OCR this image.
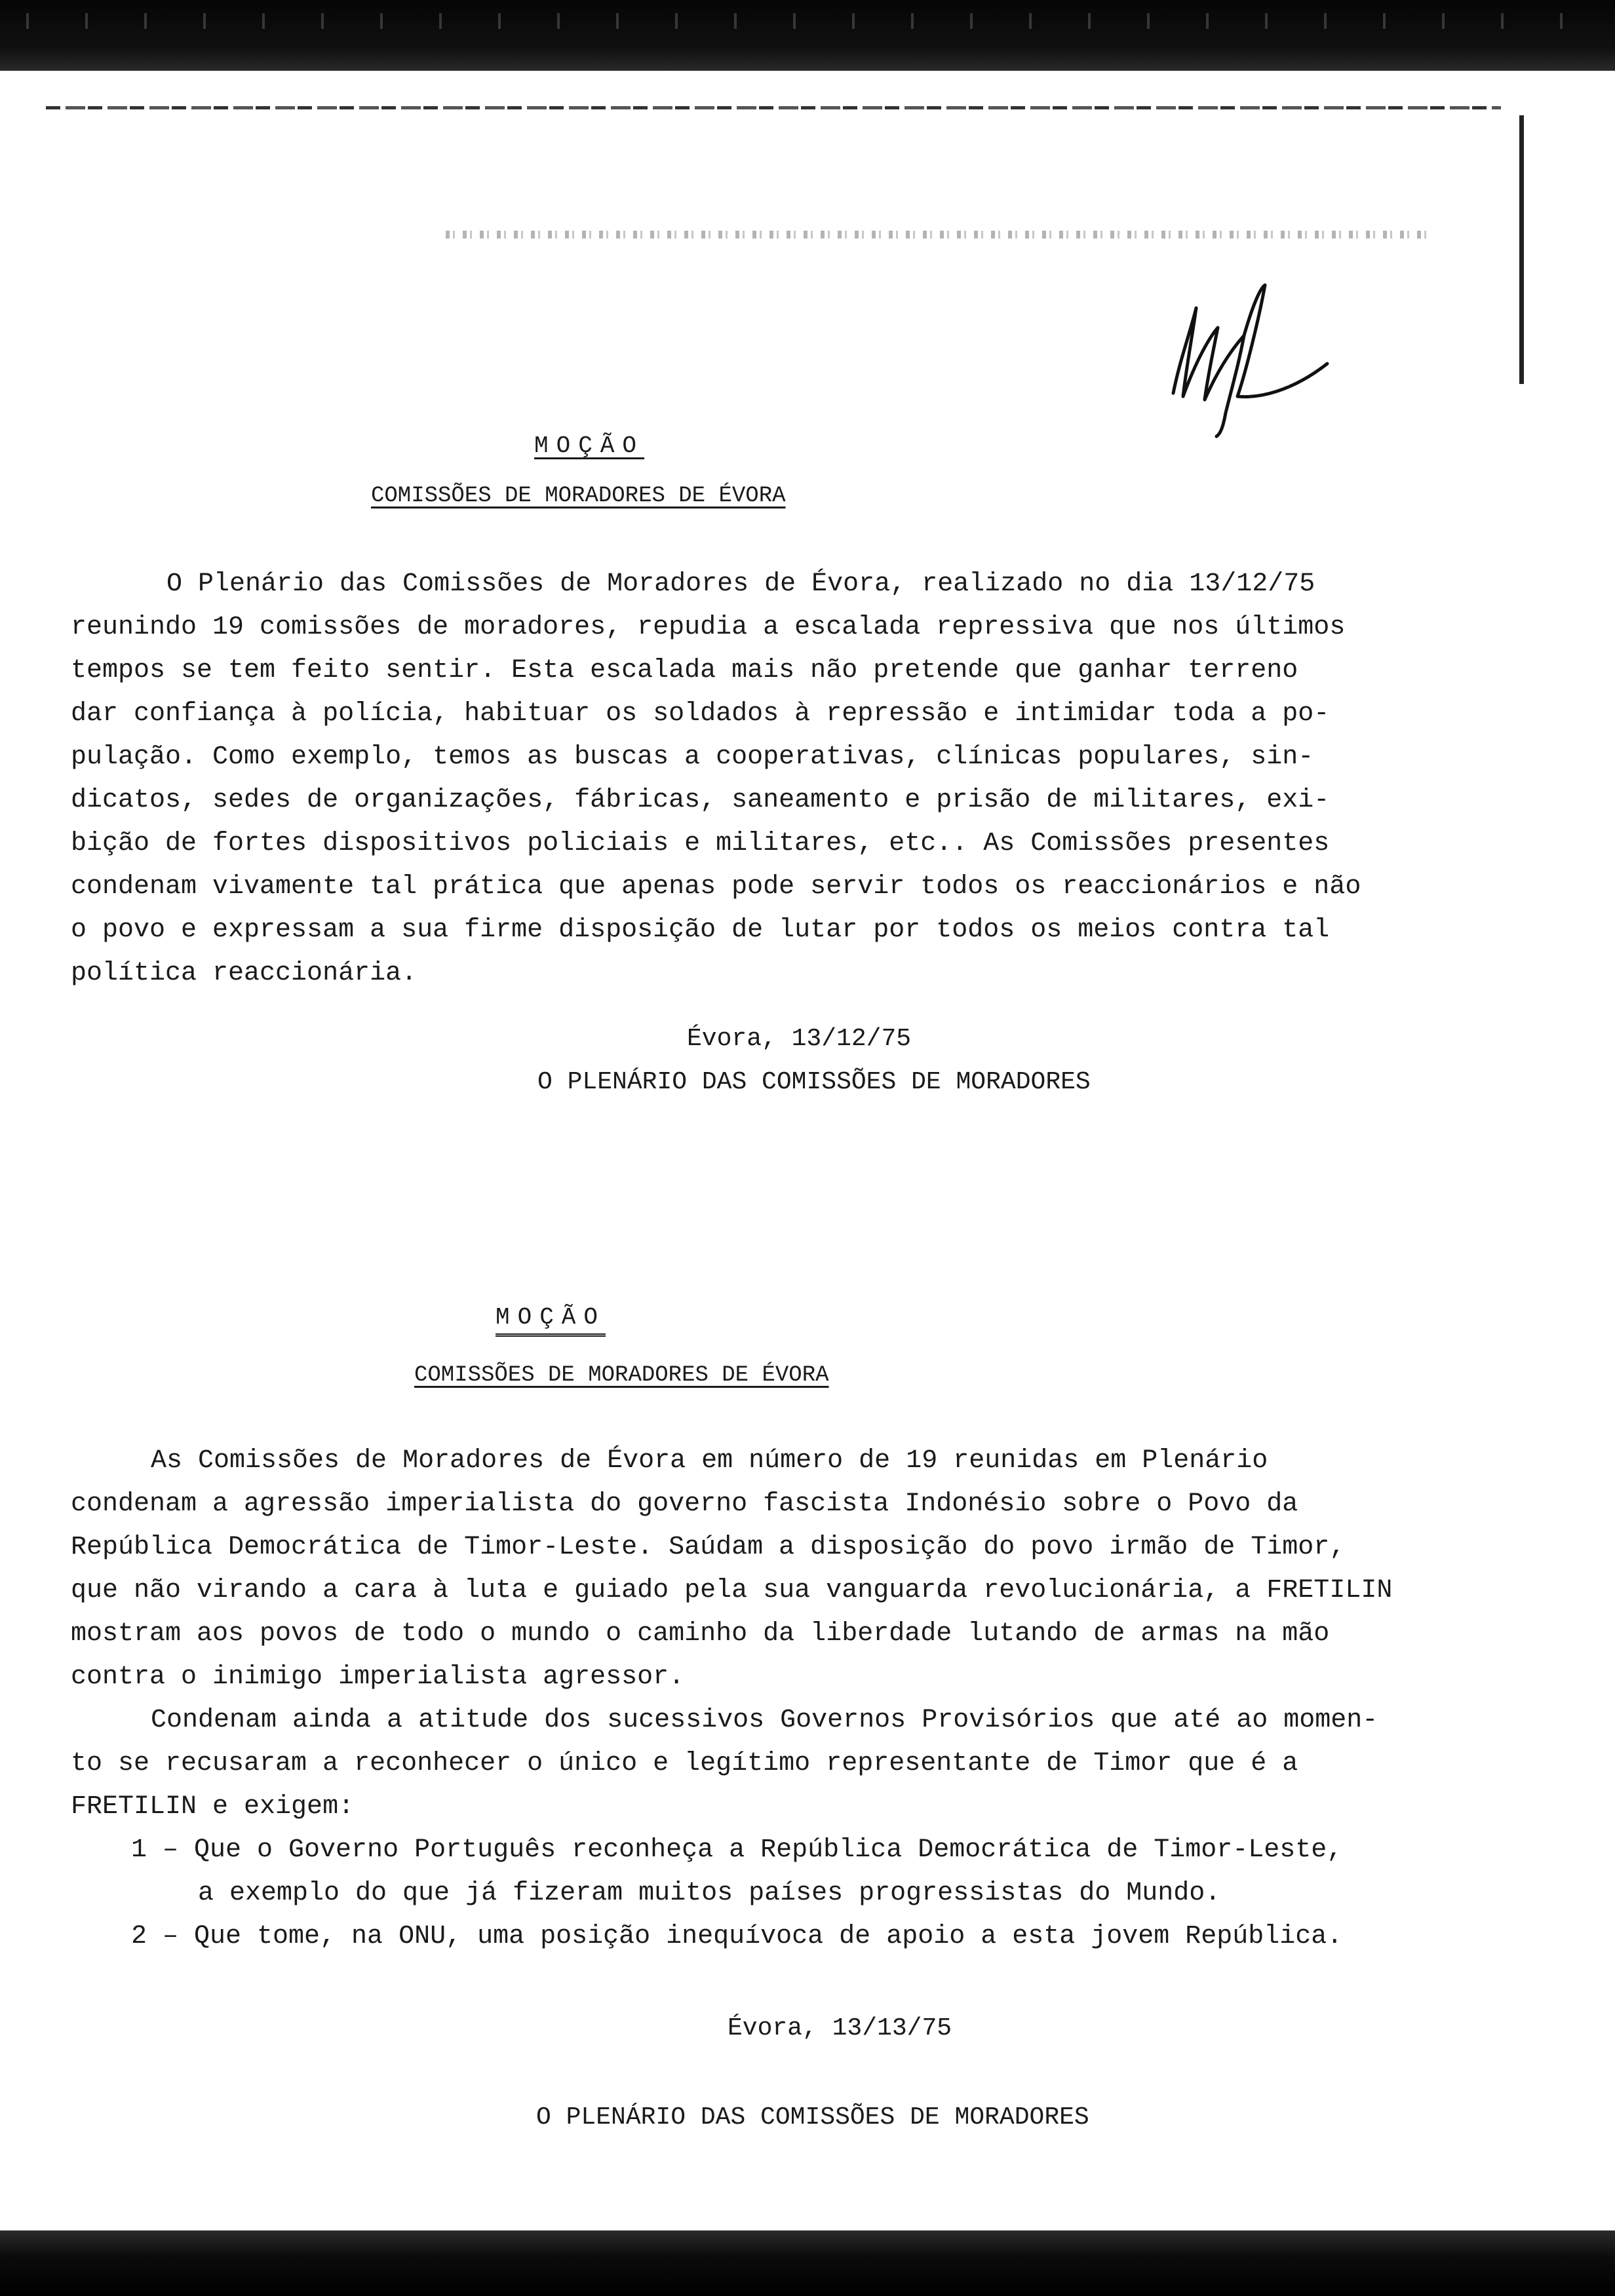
MOÇÃO
COMISSÕES DE MORADORES DE ÉVORA
O Plenário das Comissões de Moradores de Évora, realizado no dia 13/12/75
reunindo 19 comissões de moradores, repudia a escalada repressiva que nos últimos
tempos se tem feito sentir. Esta escalada mais não pretende que ganhar terreno
dar confiança à polícia, habituar os soldados à repressão e intimidar toda a po-
pulação. Como exemplo, temos as buscas a cooperativas, clínicas populares, sin-
dicatos, sedes de organizações, fábricas, saneamento e prisão de militares, exi-
bição de fortes dispositivos policiais e militares, etc.. As Comissões presentes
condenam vivamente tal prática que apenas pode servir todos os reaccionários e não
o povo e expressam a sua firme disposição de lutar por todos os meios contra tal
política reaccionária.
Évora, 13/12/75
O PLENÁRIO DAS COMISSÕES DE MORADORES
MOÇÃO
COMISSÕES DE MORADORES DE ÉVORA
As Comissões de Moradores de Évora em número de 19 reunidas em Plenário
condenam a agressão imperialista do governo fascista Indonésio sobre o Povo da
República Democrática de Timor-Leste. Saúdam a disposição do povo irmão de Timor,
que não virando a cara à luta e guiado pela sua vanguarda revolucionária, a FRETILIN
mostram aos povos de todo o mundo o caminho da liberdade lutando de armas na mão
contra o inimigo imperialista agressor.
Condenam ainda a atitude dos sucessivos Governos Provisórios que até ao momen-
to se recusaram a reconhecer o único e legítimo representante de Timor que é a
FRETILIN e exigem:
1 – Que o Governo Português reconheça a República Democrática de Timor-Leste,
a exemplo do que já fizeram muitos países progressistas do Mundo.
2 – Que tome, na ONU, uma posição inequívoca de apoio a esta jovem República.
Évora, 13/13/75
O PLENÁRIO DAS COMISSÕES DE MORADORES
